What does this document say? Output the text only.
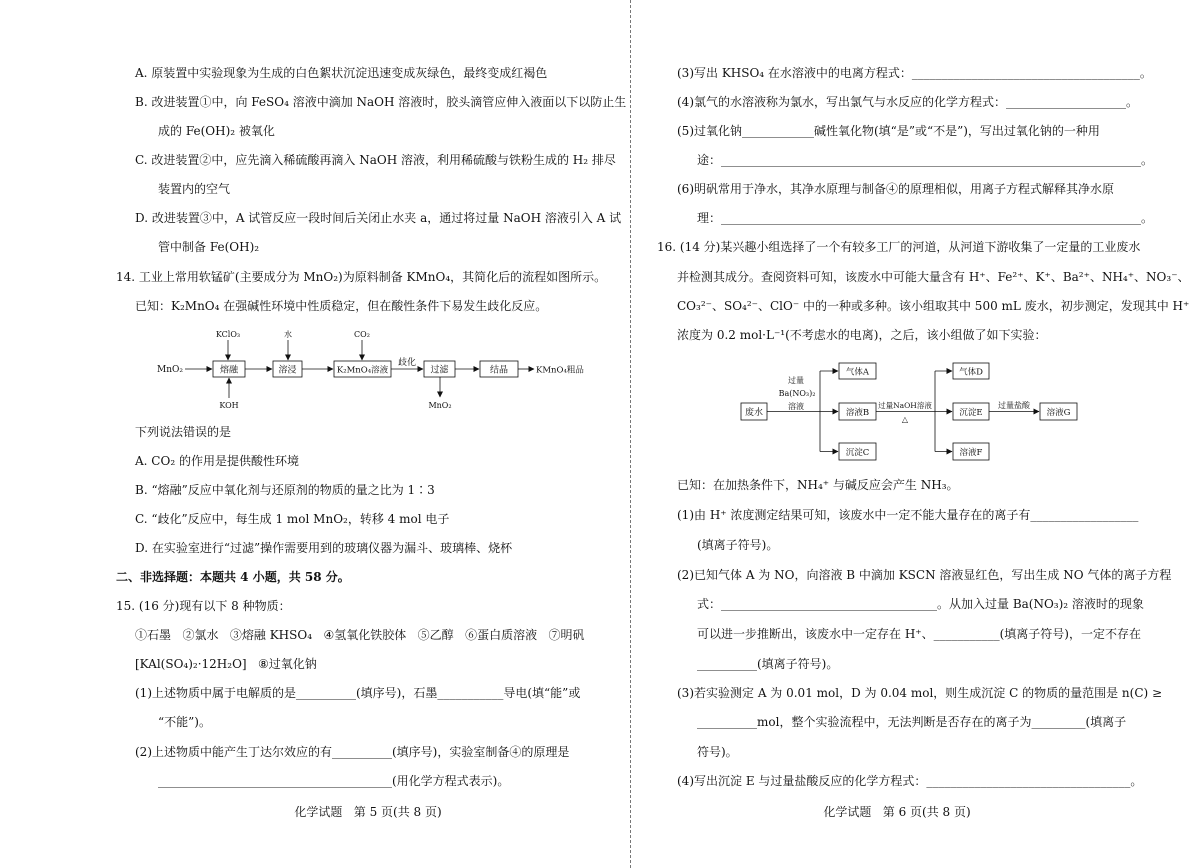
A. 原装置中实验现象为生成的白色絮状沉淀迅速变成灰绿色，最终变成红褐色
B. 改进装置①中，向 FeSO₄ 溶液中滴加 NaOH 溶液时，胶头滴管应伸入液面以下以防止生
成的 Fe(OH)₂ 被氧化
C. 改进装置②中，应先滴入稀硫酸再滴入 NaOH 溶液，利用稀硫酸与铁粉生成的 H₂ 排尽
装置内的空气
D. 改进装置③中，A 试管反应一段时间后关闭止水夹 a，通过将过量 NaOH 溶液引入 A 试
管中制备 Fe(OH)₂
14. 工业上常用软锰矿(主要成分为 MnO₂)为原料制备 KMnO₄，其简化后的流程如图所示。
已知：K₂MnO₄ 在强碱性环境中性质稳定，但在酸性条件下易发生歧化反应。
MnO₂	熔融
KClO₃
KOH
溶浸
水
K₂MnO₄溶液
CO₂
歧化
过滤
MnO₂
结晶	KMnO₄粗品
下列说法错误的是
A. CO₂ 的作用是提供酸性环境
B. “熔融”反应中氧化剂与还原剂的物质的量之比为 1∶3
C. “歧化”反应中，每生成 1 mol MnO₂，转移 4 mol 电子
D. 在实验室进行“过滤”操作需要用到的玻璃仪器为漏斗、玻璃棒、烧杯
二、非选择题：本题共 4 小题，共 58 分。
15. (16 分)现有以下 8 种物质：
①石墨   ②氯水   ③熔融 KHSO₄   ④氢氧化铁胶体   ⑤乙醇   ⑥蛋白质溶液   ⑦明矾
[KAl(SO₄)₂·12H₂O]   ⑧过氧化钠
(1)上述物质中属于电解质的是__________(填序号)，石墨___________导电(填“能”或
“不能”)。
(2)上述物质中能产生丁达尔效应的有__________(填序号)，实验室制备④的原理是
_______________________________________(用化学方程式表示)。
化学试题   第 5 页(共 8 页)
(3)写出 KHSO₄ 在水溶液中的电离方程式：______________________________________。
(4)氯气的水溶液称为氯水，写出氯气与水反应的化学方程式：____________________。
(5)过氧化钠____________碱性氧化物(填“是”或“不是”)，写出过氧化钠的一种用
途：______________________________________________________________________。
(6)明矾常用于净水，其净水原理与制备④的原理相似，用离子方程式解释其净水原
理：______________________________________________________________________。
16. (14 分)某兴趣小组选择了一个有较多工厂的河道，从河道下游收集了一定量的工业废水
并检测其成分。查阅资料可知，该废水中可能大量含有 H⁺、Fe²⁺、K⁺、Ba²⁺、NH₄⁺、NO₃⁻、
CO₃²⁻、SO₄²⁻、ClO⁻ 中的一种或多种。该小组取其中 500 mL 废水，初步测定，发现其中 H⁺
浓度为 0.2 mol·L⁻¹(不考虑水的电离)，之后，该小组做了如下实验：
废水
过量
Ba(NO₃)₂
溶液
气体A
溶液B
沉淀C
过量NaOH溶液
△
气体D
沉淀E
溶液F
过量盐酸
溶液G
已知：在加热条件下，NH₄⁺ 与碱反应会产生 NH₃。
(1)由 H⁺ 浓度测定结果可知，该废水中一定不能大量存在的离子有__________________
(填离子符号)。
(2)已知气体 A 为 NO，向溶液 B 中滴加 KSCN 溶液显红色，写出生成 NO 气体的离子方程
式：____________________________________。从加入过量 Ba(NO₃)₂ 溶液时的现象
可以进一步推断出，该废水中一定存在 H⁺、___________(填离子符号)，一定不存在
__________(填离子符号)。
(3)若实验测定 A 为 0.01 mol，D 为 0.04 mol，则生成沉淀 C 的物质的量范围是 n(C) ≥
__________mol，整个实验流程中，无法判断是否存在的离子为_________(填离子
符号)。
(4)写出沉淀 E 与过量盐酸反应的化学方程式：__________________________________。
化学试题   第 6 页(共 8 页)
